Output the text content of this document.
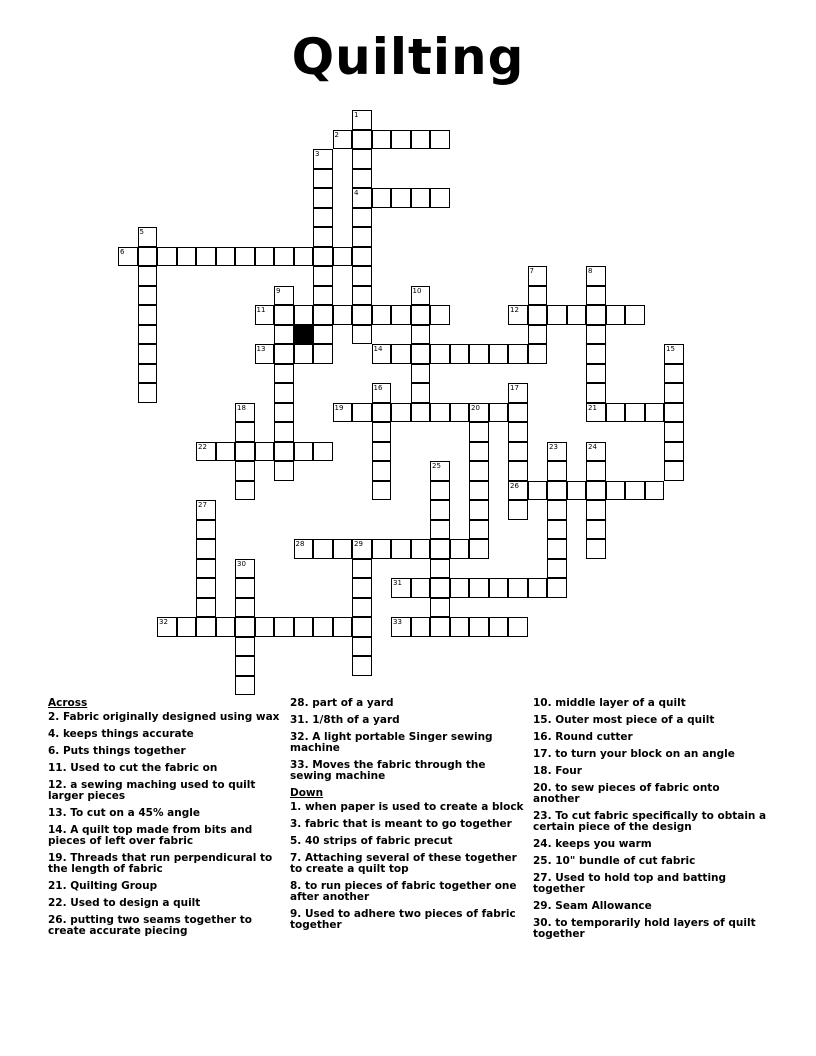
Quilting
1
4
2
3
5
6
7	8
9	10
11	12
13	14	15
16	17
26
18	19	20	21
22	23	24
25
27
28	29
30
31
32	33
Across
2. Fabric originally designed using wax
4. keeps things accurate
6. Puts things together
11. Used to cut the fabric on
12. a sewing maching used to quilt larger pieces
13. To cut on a 45% angle
14. A quilt top made from bits and pieces of left over fabric
19. Threads that run perpendicural to the length of fabric
21. Quilting Group
22. Used to design a quilt
26. putting two seams together to create accurate piecing
28. part of a yard
31. 1/8th of a yard
32. A light portable Singer sewing machine
33. Moves the fabric through the sewing machine
Down
1. when paper is used to create a block
3. fabric that is meant to go together
5. 40 strips of fabric precut
7. Attaching several of these together to create a quilt top
8. to run pieces of fabric together one after another
9. Used to adhere two pieces of fabric together
10. middle layer of a quilt
15. Outer most piece of a quilt
16. Round cutter
17. to turn your block on an angle
18. Four
20. to sew pieces of fabric onto another
23. To cut fabric specifically to obtain a certain piece of the design
24. keeps you warm
25. 10" bundle of cut fabric
27. Used to hold top and batting together
29. Seam Allowance
30. to temporarily hold layers of quilt together
